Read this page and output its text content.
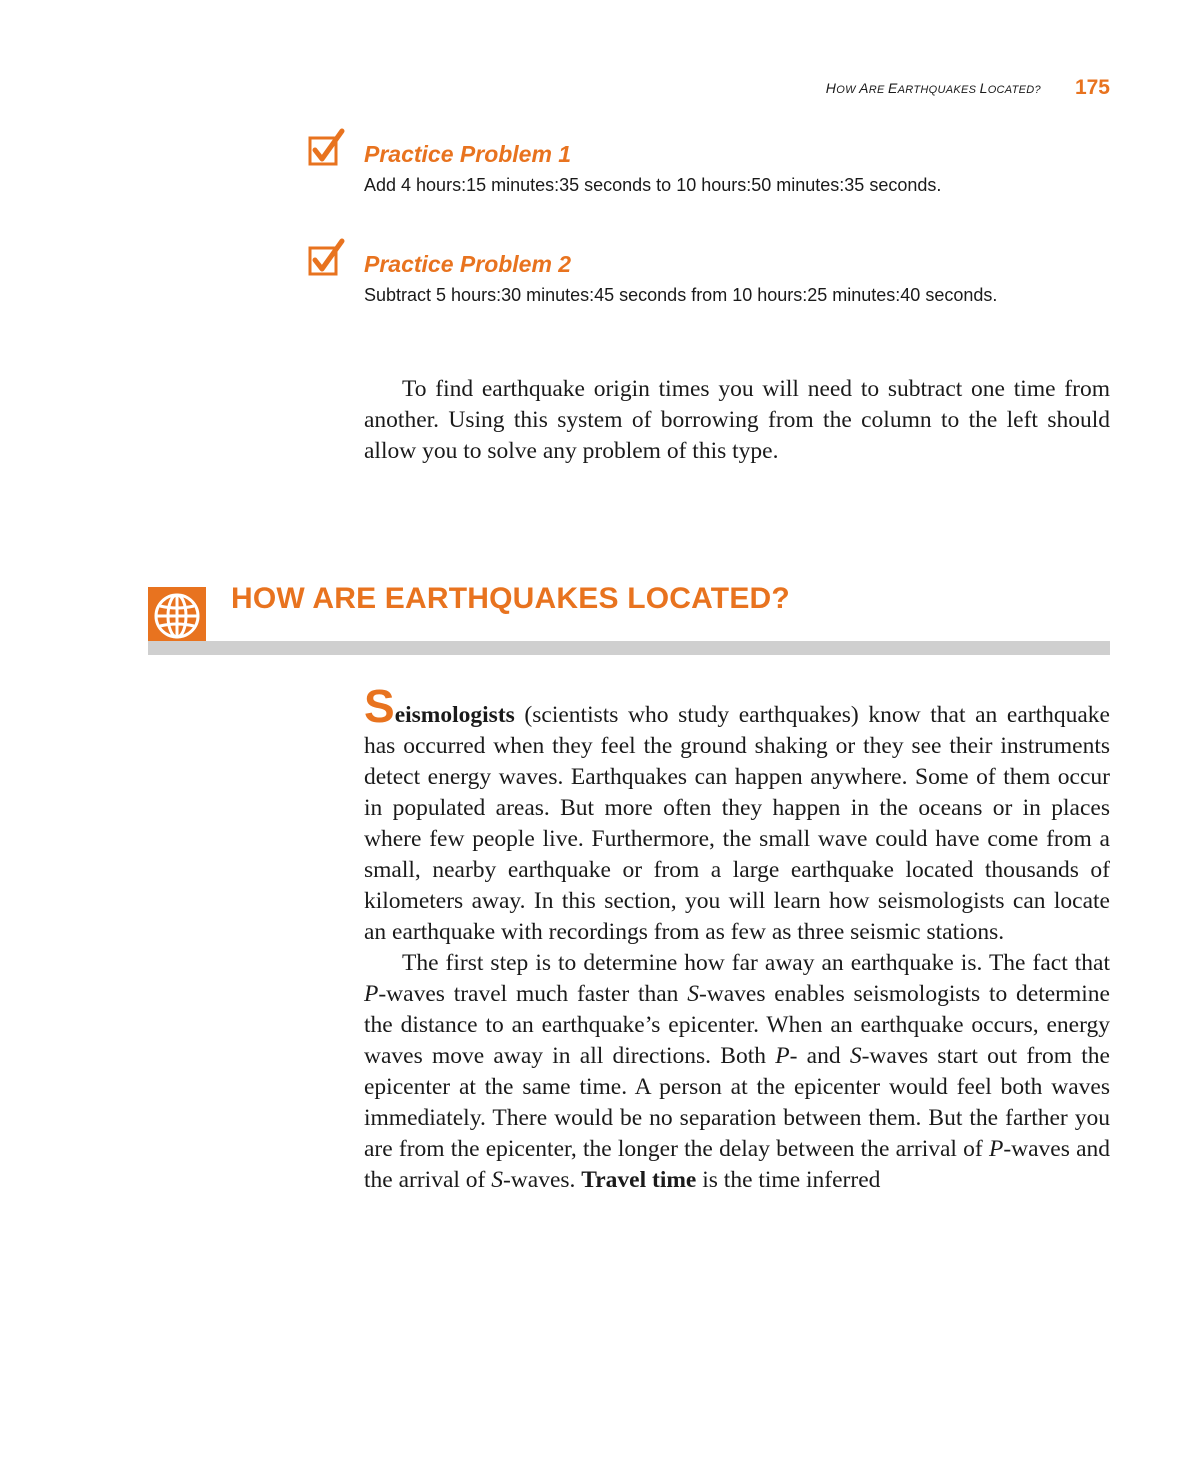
HOW ARE EARTHQUAKES LOCATED? 175
Practice Problem 1
Add 4 hours:15 minutes:35 seconds to 10 hours:50 minutes:35 seconds.
Practice Problem 2
Subtract 5 hours:30 minutes:45 seconds from 10 hours:25 minutes:40 seconds.

To find earthquake origin times you will need to subtract one time from another. Using this system of borrowing from the column to the left should allow you to solve any problem of this type.

HOW ARE EARTHQUAKES LOCATED?

Seismologists (scientists who study earthquakes) know that an earthquake has occurred when they feel the ground shaking or they see their instruments detect energy waves. Earthquakes can happen anywhere. Some of them occur in populated areas. But more often they happen in the oceans or in places where few people live. Furthermore, the small wave could have come from a small, nearby earthquake or from a large earthquake located thousands of kilometers away. In this section, you will learn how seismologists can locate an earthquake with recordings from as few as three seismic stations.

The first step is to determine how far away an earthquake is. The fact that P-waves travel much faster than S-waves enables seismologists to determine the distance to an earthquake’s epicenter. When an earthquake occurs, energy waves move away in all directions. Both P- and S-waves start out from the epicenter at the same time. A person at the epicenter would feel both waves immediately. There would be no separation between them. But the farther you are from the epicenter, the longer the delay between the arrival of P-waves and the arrival of S-waves. Travel time is the time inferred
